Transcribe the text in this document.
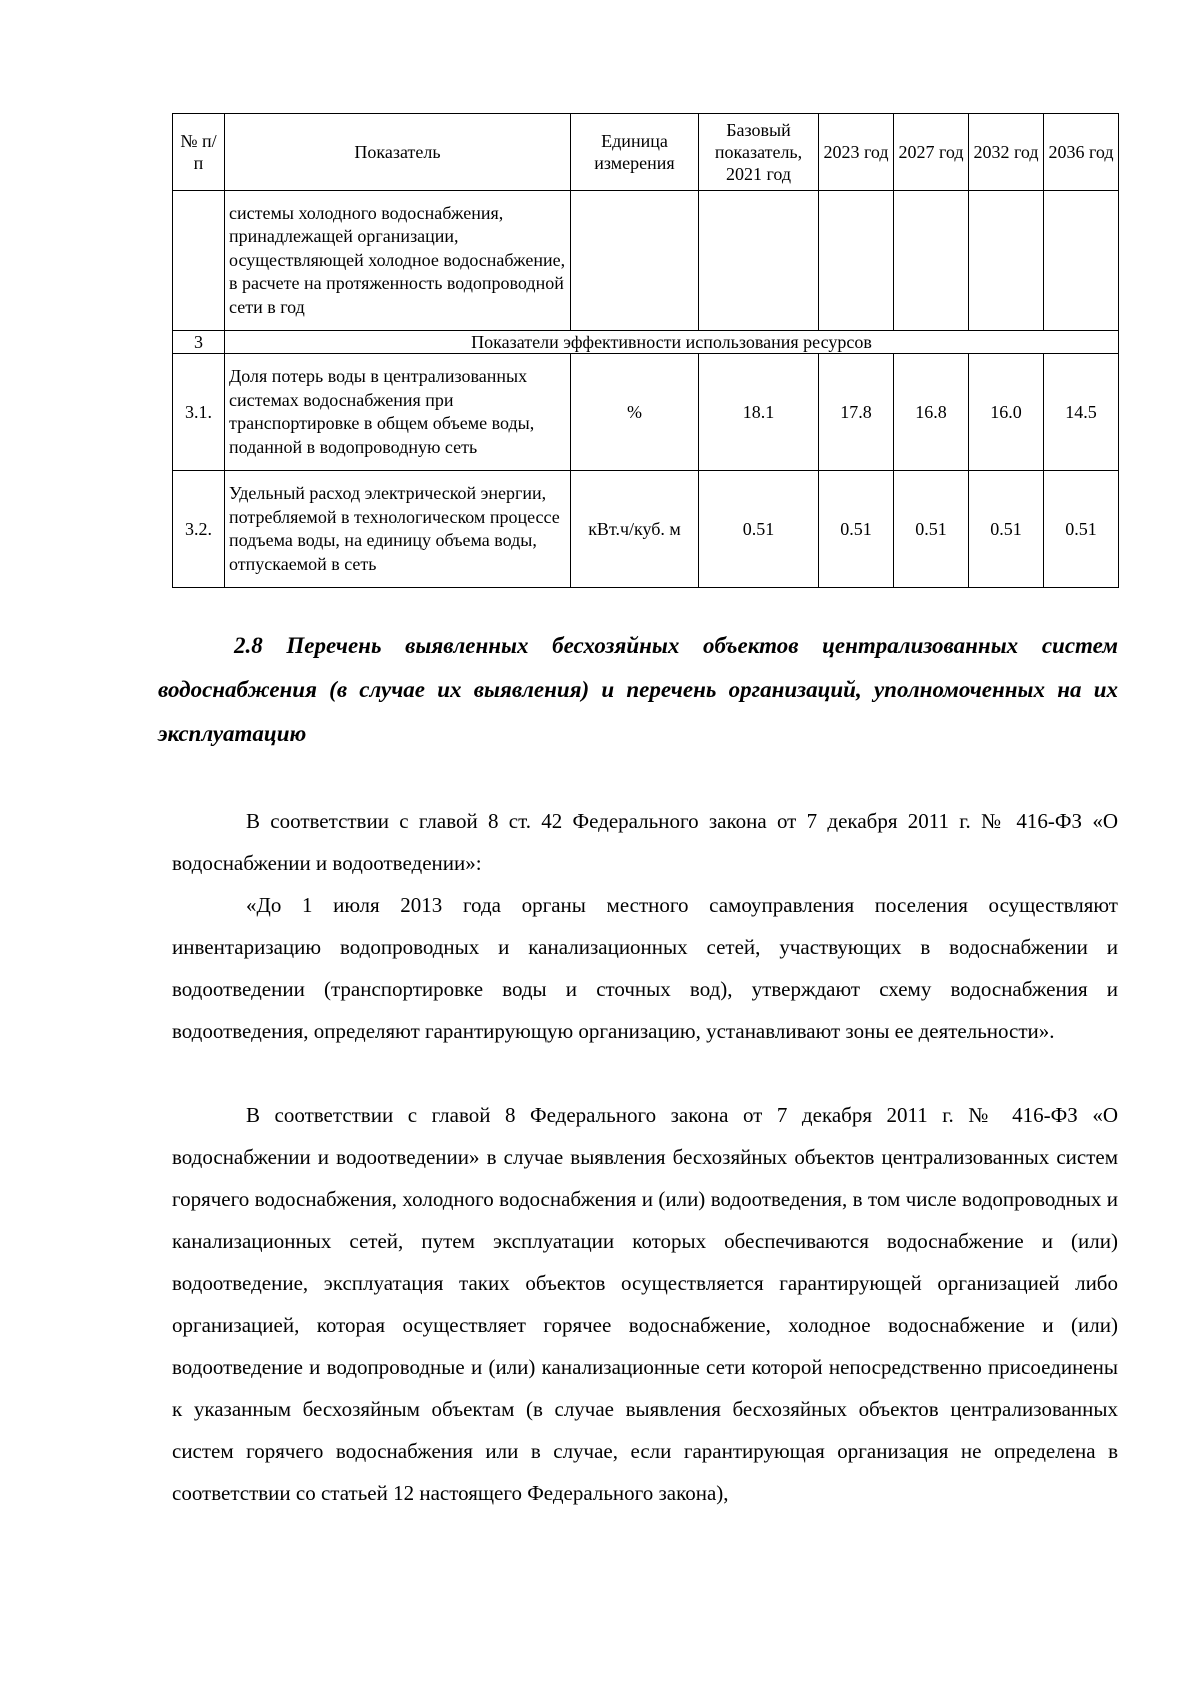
№ п/п	Показатель	Единица измерения	Базовый показатель, 2021 год	2023 год	2027 год	2032 год	2036 год
	системы холодного водоснабжения, принадлежащей организации, осуществляющей холодное водоснабжение, в расчете на протяженность водопроводной сети в год						
3	Показатели эффективности использования ресурсов						
3.1.	Доля потерь воды в централизованных системах водоснабжения при транспортировке в общем объеме воды, поданной в водопроводную сеть	%	18.1	17.8	16.8	16.0	14.5
3.2.	Удельный расход электрической энергии, потребляемой в технологическом процессе подъема воды, на единицу объема воды, отпускаемой в сеть	кВт.ч/куб. м	0.51	0.51	0.51	0.51	0.51
2.8 Перечень выявленных бесхозяйных объектов централизованных систем водоснабжения (в случае их выявления) и перечень организаций, уполномоченных на их эксплуатацию

В соответствии с главой 8 ст. 42 Федерального закона от 7 декабря 2011 г. № 416-ФЗ «О водоснабжении и водоотведении»:

«До 1 июля 2013 года органы местного самоуправления поселения осуществляют инвентаризацию водопроводных и канализационных сетей, участвующих в водоснабжении и водоотведении (транспортировке воды и сточных вод), утверждают схему водоснабжения и водоотведения, определяют гарантирующую организацию, устанавливают зоны ее деятельности».

В соответствии с главой 8 Федерального закона от 7 декабря 2011 г. № 416-ФЗ «О водоснабжении и водоотведении» в случае выявления бесхозяйных объектов централизованных систем горячего водоснабжения, холодного водоснабжения и (или) водоотведения, в том числе водопроводных и канализационных сетей, путем эксплуатации которых обеспечиваются водоснабжение и (или) водоотведение, эксплуатация таких объектов осуществляется гарантирующей организацией либо организацией, которая осуществляет горячее водоснабжение, холодное водоснабжение и (или) водоотведение и водопроводные и (или) канализационные сети которой непосредственно присоединены к указанным бесхозяйным объектам (в случае выявления бесхозяйных объектов централизованных систем горячего водоснабжения или в случае, если гарантирующая организация не определена в соответствии со статьей 12 настоящего Федерального закона),
